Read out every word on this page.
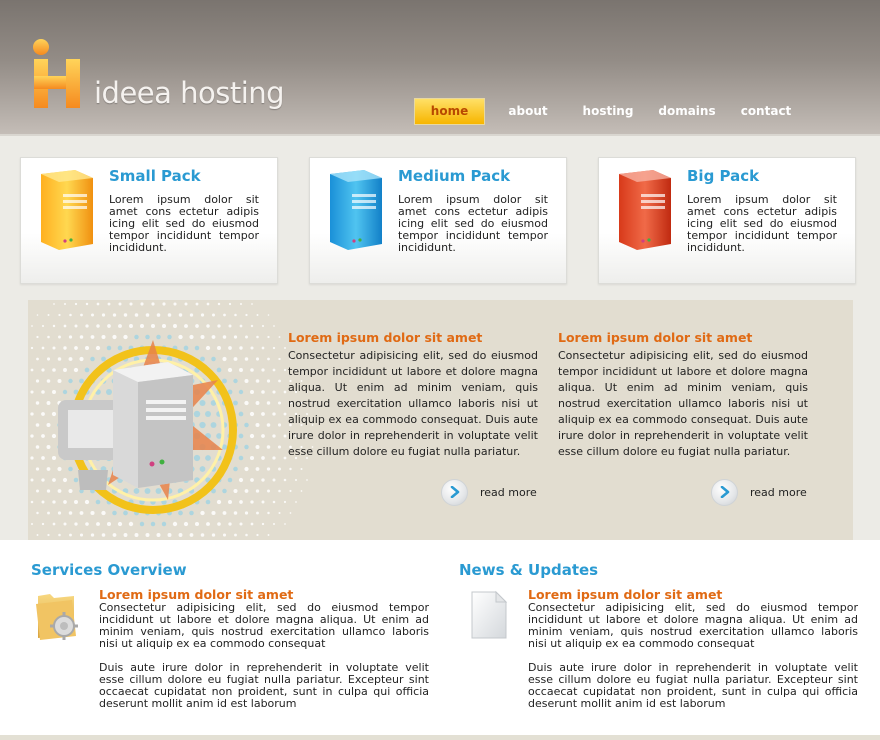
ideea hosting
home	about	hosting	domains	contact
Small Pack
Lorem ipsum dolor sit amet cons ectetur adipis icing elit sed do eiusmod tempor incididunt tempor incididunt.
Medium Pack
Lorem ipsum dolor sit amet cons ectetur adipis icing elit sed do eiusmod tempor incididunt tempor incididunt.
Big Pack
Lorem ipsum dolor sit amet cons ectetur adipis icing elit sed do eiusmod tempor incididunt tempor incididunt.
Lorem ipsum dolor sit amet

Consectetur adipisicing elit, sed do eiusmod tempor incididunt ut labore et dolore magna aliqua. Ut enim ad minim veniam, quis nostrud exercitation ullamco laboris nisi ut aliquip ex ea commodo consequat. Duis aute irure dolor in reprehenderit in voluptate velit esse cillum dolore eu fugiat nulla pariatur.

read more
Lorem ipsum dolor sit amet

Consectetur adipisicing elit, sed do eiusmod tempor incididunt ut labore et dolore magna aliqua. Ut enim ad minim veniam, quis nostrud exercitation ullamco laboris nisi ut aliquip ex ea commodo consequat. Duis aute irure dolor in reprehenderit in voluptate velit esse cillum dolore eu fugiat nulla pariatur.

read more
Services Overview
Lorem ipsum dolor sit amet
Consectetur adipisicing elit, sed do eiusmod tempor incididunt ut labore et dolore magna aliqua. Ut enim ad minim veniam, quis nostrud exercitation ullamco laboris nisi ut aliquip ex ea commodo consequat
Duis aute irure dolor in reprehenderit in voluptate velit esse cillum dolore eu fugiat nulla pariatur. Excepteur sint occaecat cupidatat non proident, sunt in culpa qui officia deserunt mollit anim id est laborum
News & Updates
Lorem ipsum dolor sit amet
Consectetur adipisicing elit, sed do eiusmod tempor incididunt ut labore et dolore magna aliqua. Ut enim ad minim veniam, quis nostrud exercitation ullamco laboris nisi ut aliquip ex ea commodo consequat
Duis aute irure dolor in reprehenderit in voluptate velit esse cillum dolore eu fugiat nulla pariatur. Excepteur sint occaecat cupidatat non proident, sunt in culpa qui officia deserunt mollit anim id est laborum
